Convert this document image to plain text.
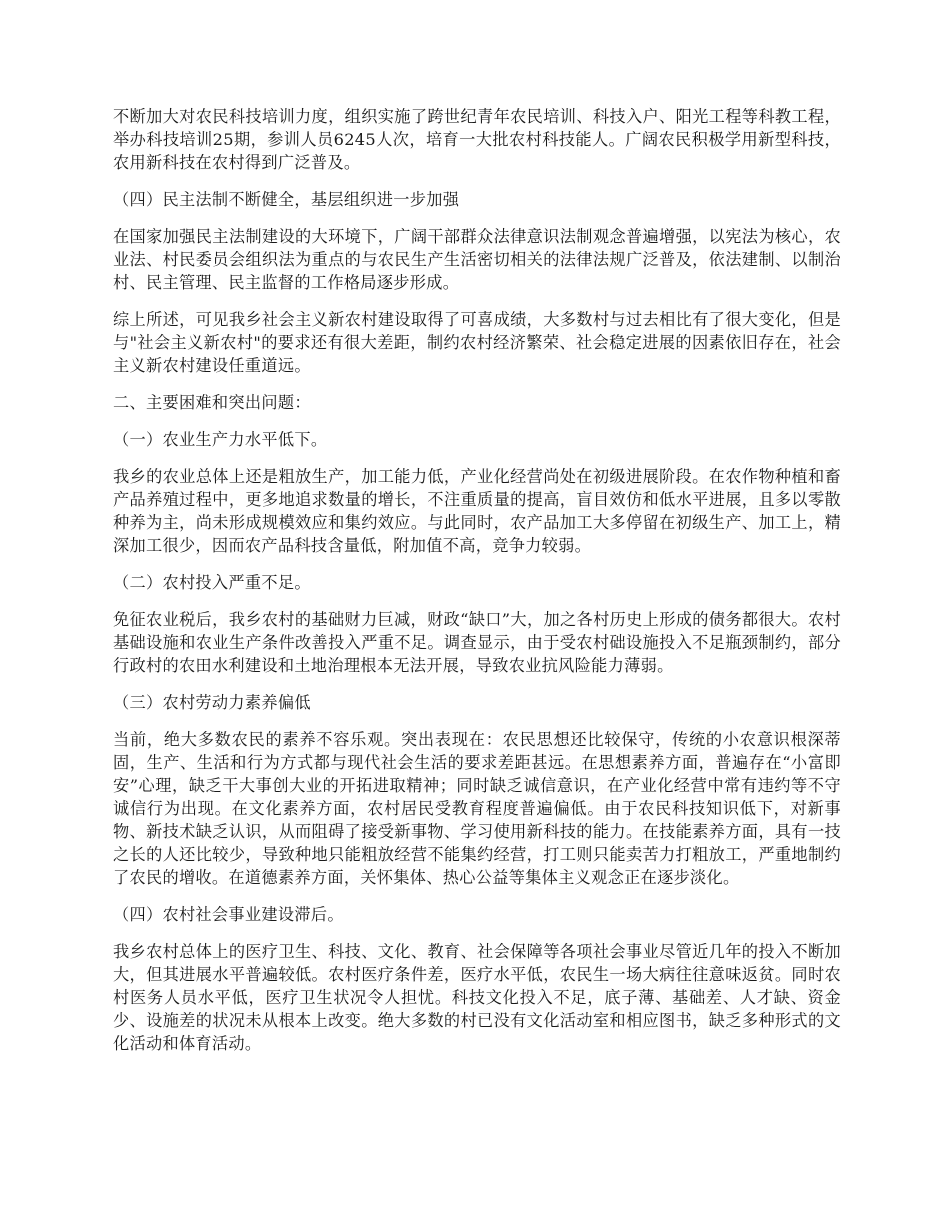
不断加大对农民科技培训力度，组织实施了跨世纪青年农民培训、科技入户、阳光工程等科教工程，举办科技培训25期，参训人员6245人次，培育一大批农村科技能人。广阔农民积极学用新型科技，农用新科技在农村得到广泛普及。

（四）民主法制不断健全，基层组织进一步加强

在国家加强民主法制建设的大环境下，广阔干部群众法律意识法制观念普遍增强，以宪法为核心，农业法、村民委员会组织法为重点的与农民生产生活密切相关的法律法规广泛普及，依法建制、以制治村、民主管理、民主监督的工作格局逐步形成。

综上所述，可见我乡社会主义新农村建设取得了可喜成绩，大多数村与过去相比有了很大变化，但是与"社会主义新农村"的要求还有很大差距，制约农村经济繁荣、社会稳定进展的因素依旧存在，社会主义新农村建设任重道远。

二、主要困难和突出问题：

（一）农业生产力水平低下。

我乡的农业总体上还是粗放生产，加工能力低，产业化经营尚处在初级进展阶段。在农作物种植和畜产品养殖过程中，更多地追求数量的增长，不注重质量的提高，盲目效仿和低水平进展，且多以零散种养为主，尚未形成规模效应和集约效应。与此同时，农产品加工大多停留在初级生产、加工上，精深加工很少，因而农产品科技含量低，附加值不高，竞争力较弱。

（二）农村投入严重不足。

免征农业税后，我乡农村的基础财力巨减，财政“缺口”大，加之各村历史上形成的债务都很大。农村基础设施和农业生产条件改善投入严重不足。调查显示，由于受农村础设施投入不足瓶颈制约，部分行政村的农田水利建设和土地治理根本无法开展，导致农业抗风险能力薄弱。

（三）农村劳动力素养偏低

当前，绝大多数农民的素养不容乐观。突出表现在：农民思想还比较保守，传统的小农意识根深蒂固，生产、生活和行为方式都与现代社会生活的要求差距甚远。在思想素养方面，普遍存在“小富即安”心理，缺乏干大事创大业的开拓进取精神；同时缺乏诚信意识，在产业化经营中常有违约等不守诚信行为出现。在文化素养方面，农村居民受教育程度普遍偏低。由于农民科技知识低下，对新事物、新技术缺乏认识，从而阻碍了接受新事物、学习使用新科技的能力。在技能素养方面，具有一技之长的人还比较少，导致种地只能粗放经营不能集约经营，打工则只能卖苦力打粗放工，严重地制约了农民的增收。在道德素养方面，关怀集体、热心公益等集体主义观念正在逐步淡化。

（四）农村社会事业建设滞后。

我乡农村总体上的医疗卫生、科技、文化、教育、社会保障等各项社会事业尽管近几年的投入不断加大，但其进展水平普遍较低。农村医疗条件差，医疗水平低，农民生一场大病往往意味返贫。同时农村医务人员水平低，医疗卫生状况令人担忧。科技文化投入不足，底子薄、基础差、人才缺、资金少、设施差的状况未从根本上改变。绝大多数的村已没有文化活动室和相应图书，缺乏多种形式的文化活动和体育活动。
